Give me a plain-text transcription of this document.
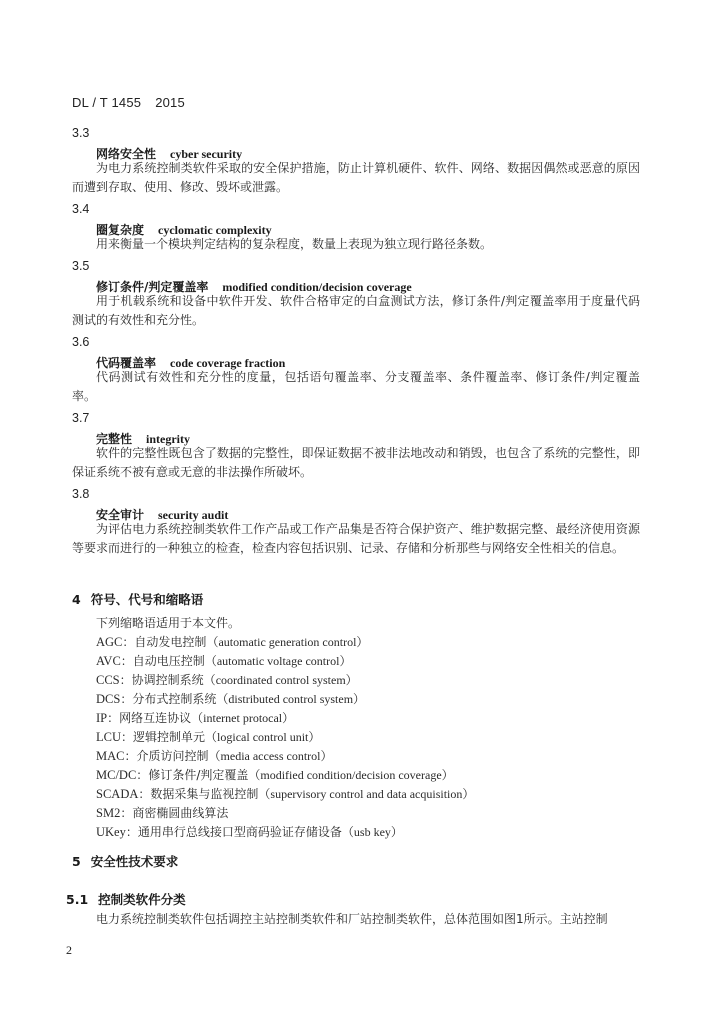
DL / T 1455 2015
3.3
网络安全性 cyber security
为电力系统控制类软件采取的安全保护措施，防止计算机硬件、软件、网络、数据因偶然或恶意的原因而遭到存取、使用、修改、毁坏或泄露。
3.4
圈复杂度 cyclomatic complexity
用来衡量一个模块判定结构的复杂程度，数量上表现为独立现行路径条数。
3.5
修订条件/判定覆盖率 modified condition/decision coverage
用于机载系统和设备中软件开发、软件合格审定的白盒测试方法，修订条件/判定覆盖率用于度量代码测试的有效性和充分性。
3.6
代码覆盖率 code coverage fraction
代码测试有效性和充分性的度量，包括语句覆盖率、分支覆盖率、条件覆盖率、修订条件/判定覆盖率。
3.7
完整性 integrity
软件的完整性既包含了数据的完整性，即保证数据不被非法地改动和销毁，也包含了系统的完整性，即保证系统不被有意或无意的非法操作所破坏。
3.8
安全审计 security audit
为评估电力系统控制类软件工作产品或工作产品集是否符合保护资产、维护数据完整、最经济使用资源等要求而进行的一种独立的检查，检查内容包括识别、记录、存储和分析那些与网络安全性相关的信息。
4 符号、代号和缩略语
下列缩略语适用于本文件。
AGC：自动发电控制（automatic generation control）
AVC：自动电压控制（automatic voltage control）
CCS：协调控制系统（coordinated control system）
DCS：分布式控制系统（distributed control system）
IP：网络互连协议（internet protocal）
LCU：逻辑控制单元（logical control unit）
MAC：介质访问控制（media access control）
MC/DC：修订条件/判定覆盖（modified condition/decision coverage）
SCADA：数据采集与监视控制（supervisory control and data acquisition）
SM2：商密椭圆曲线算法
UKey：通用串行总线接口型商码验证存储设备（usb key）
5 安全性技术要求
5.1 控制类软件分类
电力系统控制类软件包括调控主站控制类软件和厂站控制类软件，总体范围如图1所示。主站控制
2
